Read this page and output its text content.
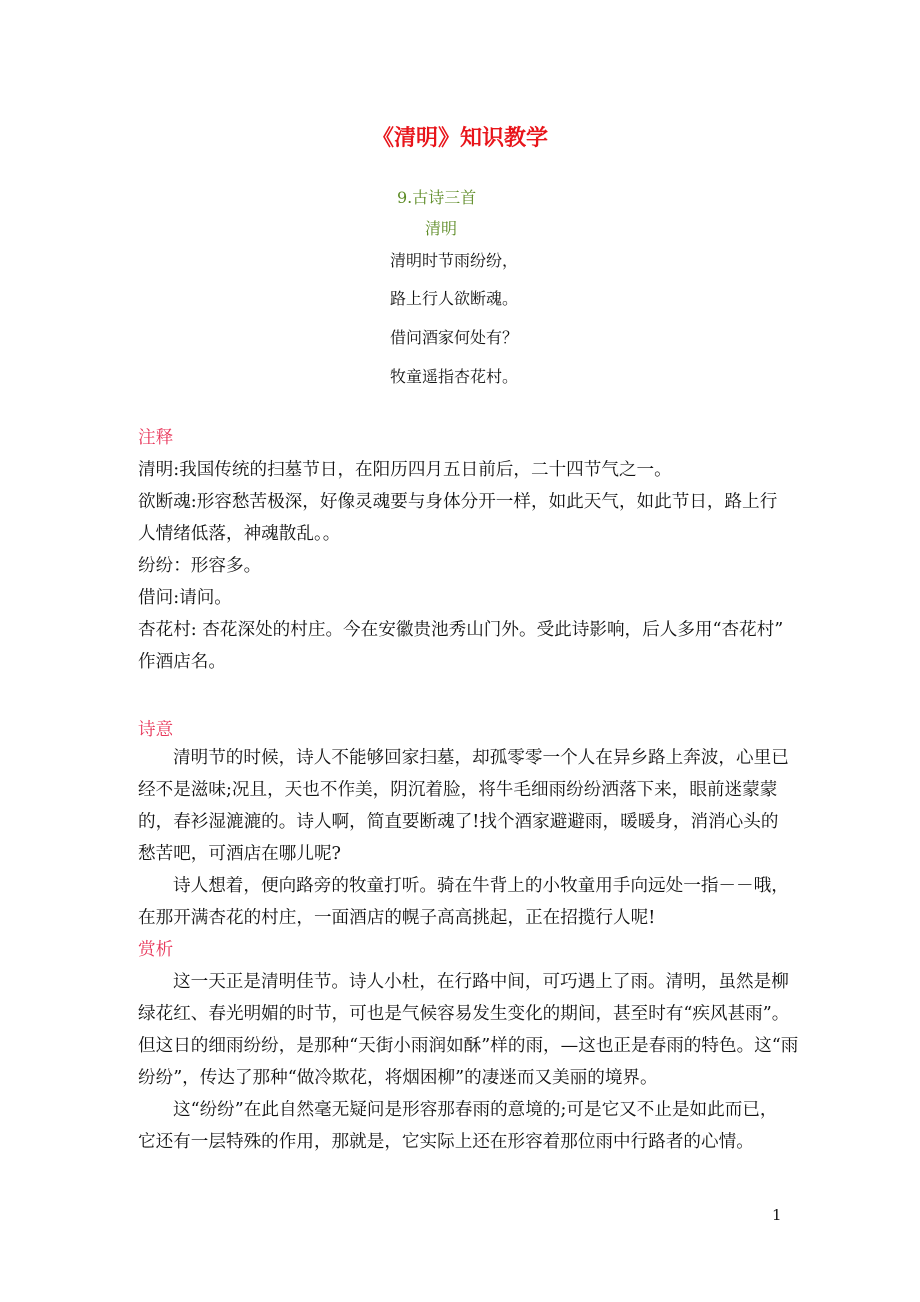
《清明》知识教学
9.古诗三首
清明
清明时节雨纷纷，
路上行人欲断魂。
借问酒家何处有？
牧童遥指杏花村。
注释
清明:我国传统的扫墓节日，在阳历四月五日前后，二十四节气之一。
欲断魂:形容愁苦极深，好像灵魂要与身体分开一样，如此天气，如此节日，路上行
人情绪低落，神魂散乱。。
纷纷：形容多。
借问:请问。
杏花村: 杏花深处的村庄。今在安徽贵池秀山门外。受此诗影响，后人多用“杏花村”
作酒店名。
诗意
清明节的时候，诗人不能够回家扫墓，却孤零零一个人在异乡路上奔波，心里已
经不是滋味;况且，天也不作美，阴沉着脸，将牛毛细雨纷纷洒落下来，眼前迷蒙蒙
的，春衫湿漉漉的。诗人啊，简直要断魂了!找个酒家避避雨，暖暖身，消消心头的
愁苦吧，可酒店在哪儿呢?
诗人想着，便向路旁的牧童打听。骑在牛背上的小牧童用手向远处一指－－哦，
在那开满杏花的村庄，一面酒店的幌子高高挑起，正在招揽行人呢!
赏析
这一天正是清明佳节。诗人小杜，在行路中间，可巧遇上了雨。清明，虽然是柳
绿花红、春光明媚的时节，可也是气候容易发生变化的期间，甚至时有“疾风甚雨”。
但这日的细雨纷纷，是那种“天街小雨润如酥”样的雨，—这也正是春雨的特色。这“雨
纷纷”，传达了那种“做冷欺花，将烟困柳”的凄迷而又美丽的境界。
这“纷纷”在此自然毫无疑问是形容那春雨的意境的;可是它又不止是如此而已，
它还有一层特殊的作用，那就是，它实际上还在形容着那位雨中行路者的心情。
1
